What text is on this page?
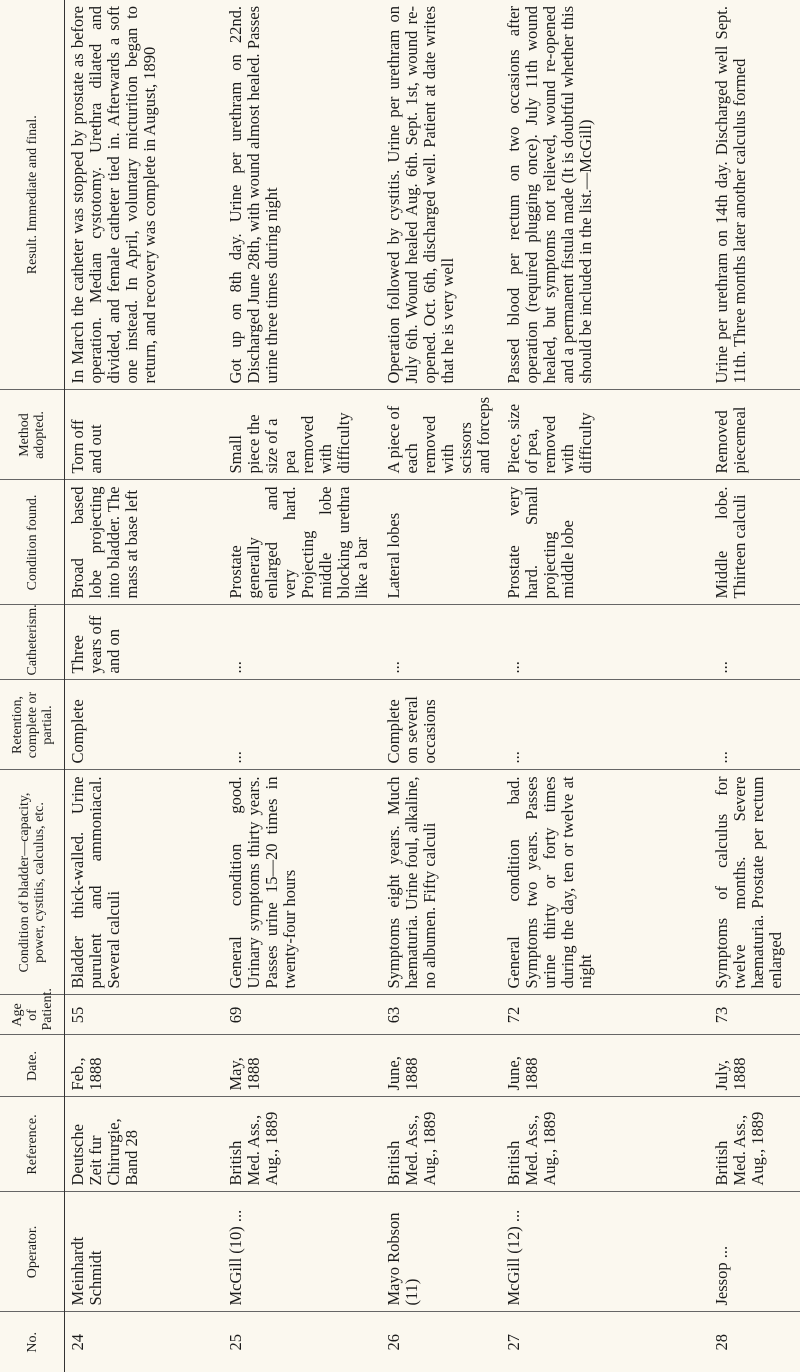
No.	Operator.	Reference.	Date.	Age of Patient.	Condition of bladder—capacity, power, cystitis, calculus, etc.	Retention, complete or partial.	Catheterism.	Condition found.	Method adopted.	Result. Immediate and final.
24	Meinhardt Schmidt	Deutsche Zeit fur Chirurgie, Band 28	Feb., 1888	55	Bladder thick-walled. Urine purulent and ammoniacal. Several calculi	Complete	Three years off and on	Broad based lobe projecting into bladder. The mass at base left	Torn off and out	In March the catheter was stopped by prostate as before operation. Median cystotomy. Urethra dilated and divided, and female catheter tied in. Afterwards a soft one instead. In April, voluntary micturition began to return, and recovery was complete in August, 1890
25	McGill (10) ...	British Med. Ass., Aug., 1889	May, 1888	69	General condition good. Urinary symptoms thirty years. Passes urine 15—20 times in twenty-four hours	...	...	Prostate generally enlarged and very hard. Projecting middle lobe blocking urethra like a bar	Small piece the size of a pea removed with difficulty	Got up on 8th day. Urine per urethram on 22nd. Discharged June 28th, with wound almost healed. Passes urine three times during night
26	Mayo Robson (11)	British Med. Ass., Aug., 1889	June, 1888	63	Symptoms eight years. Much hæmaturia. Urine foul, alkaline, no albumen. Fifty calculi	Complete on several occasions	...	Lateral lobes	A piece of each removed with scissors and forceps	Operation followed by cystitis. Urine per urethram on July 6th. Wound healed Aug. 6th. Sept. 1st, wound re-opened. Oct. 6th, discharged well. Patient at date writes that he is very well
27	McGill (12) ...	British Med. Ass., Aug., 1889	June, 1888	72	General condition bad. Symptoms two years. Passes urine thirty or forty times during the day, ten or twelve at night	...	...	Prostate very hard. Small projecting middle lobe	Piece, size of pea, removed with difficulty	Passed blood per rectum on two occasions after operation (required plugging once). July 11th wound healed, but symptoms not relieved, wound re-opened and a permanent fistula made (It is doubtful whether this should be included in the list.—McGill)
28	Jessop ...	British Med. Ass., Aug., 1889	July, 1888	73	Symptoms of calculus for twelve months. Severe hæmaturia. Prostate per rectum enlarged	...	...	Middle lobe. Thirteen calculi	Removed piecemeal	Urine per urethram on 14th day. Discharged well Sept. 11th. Three months later another calculus formed
